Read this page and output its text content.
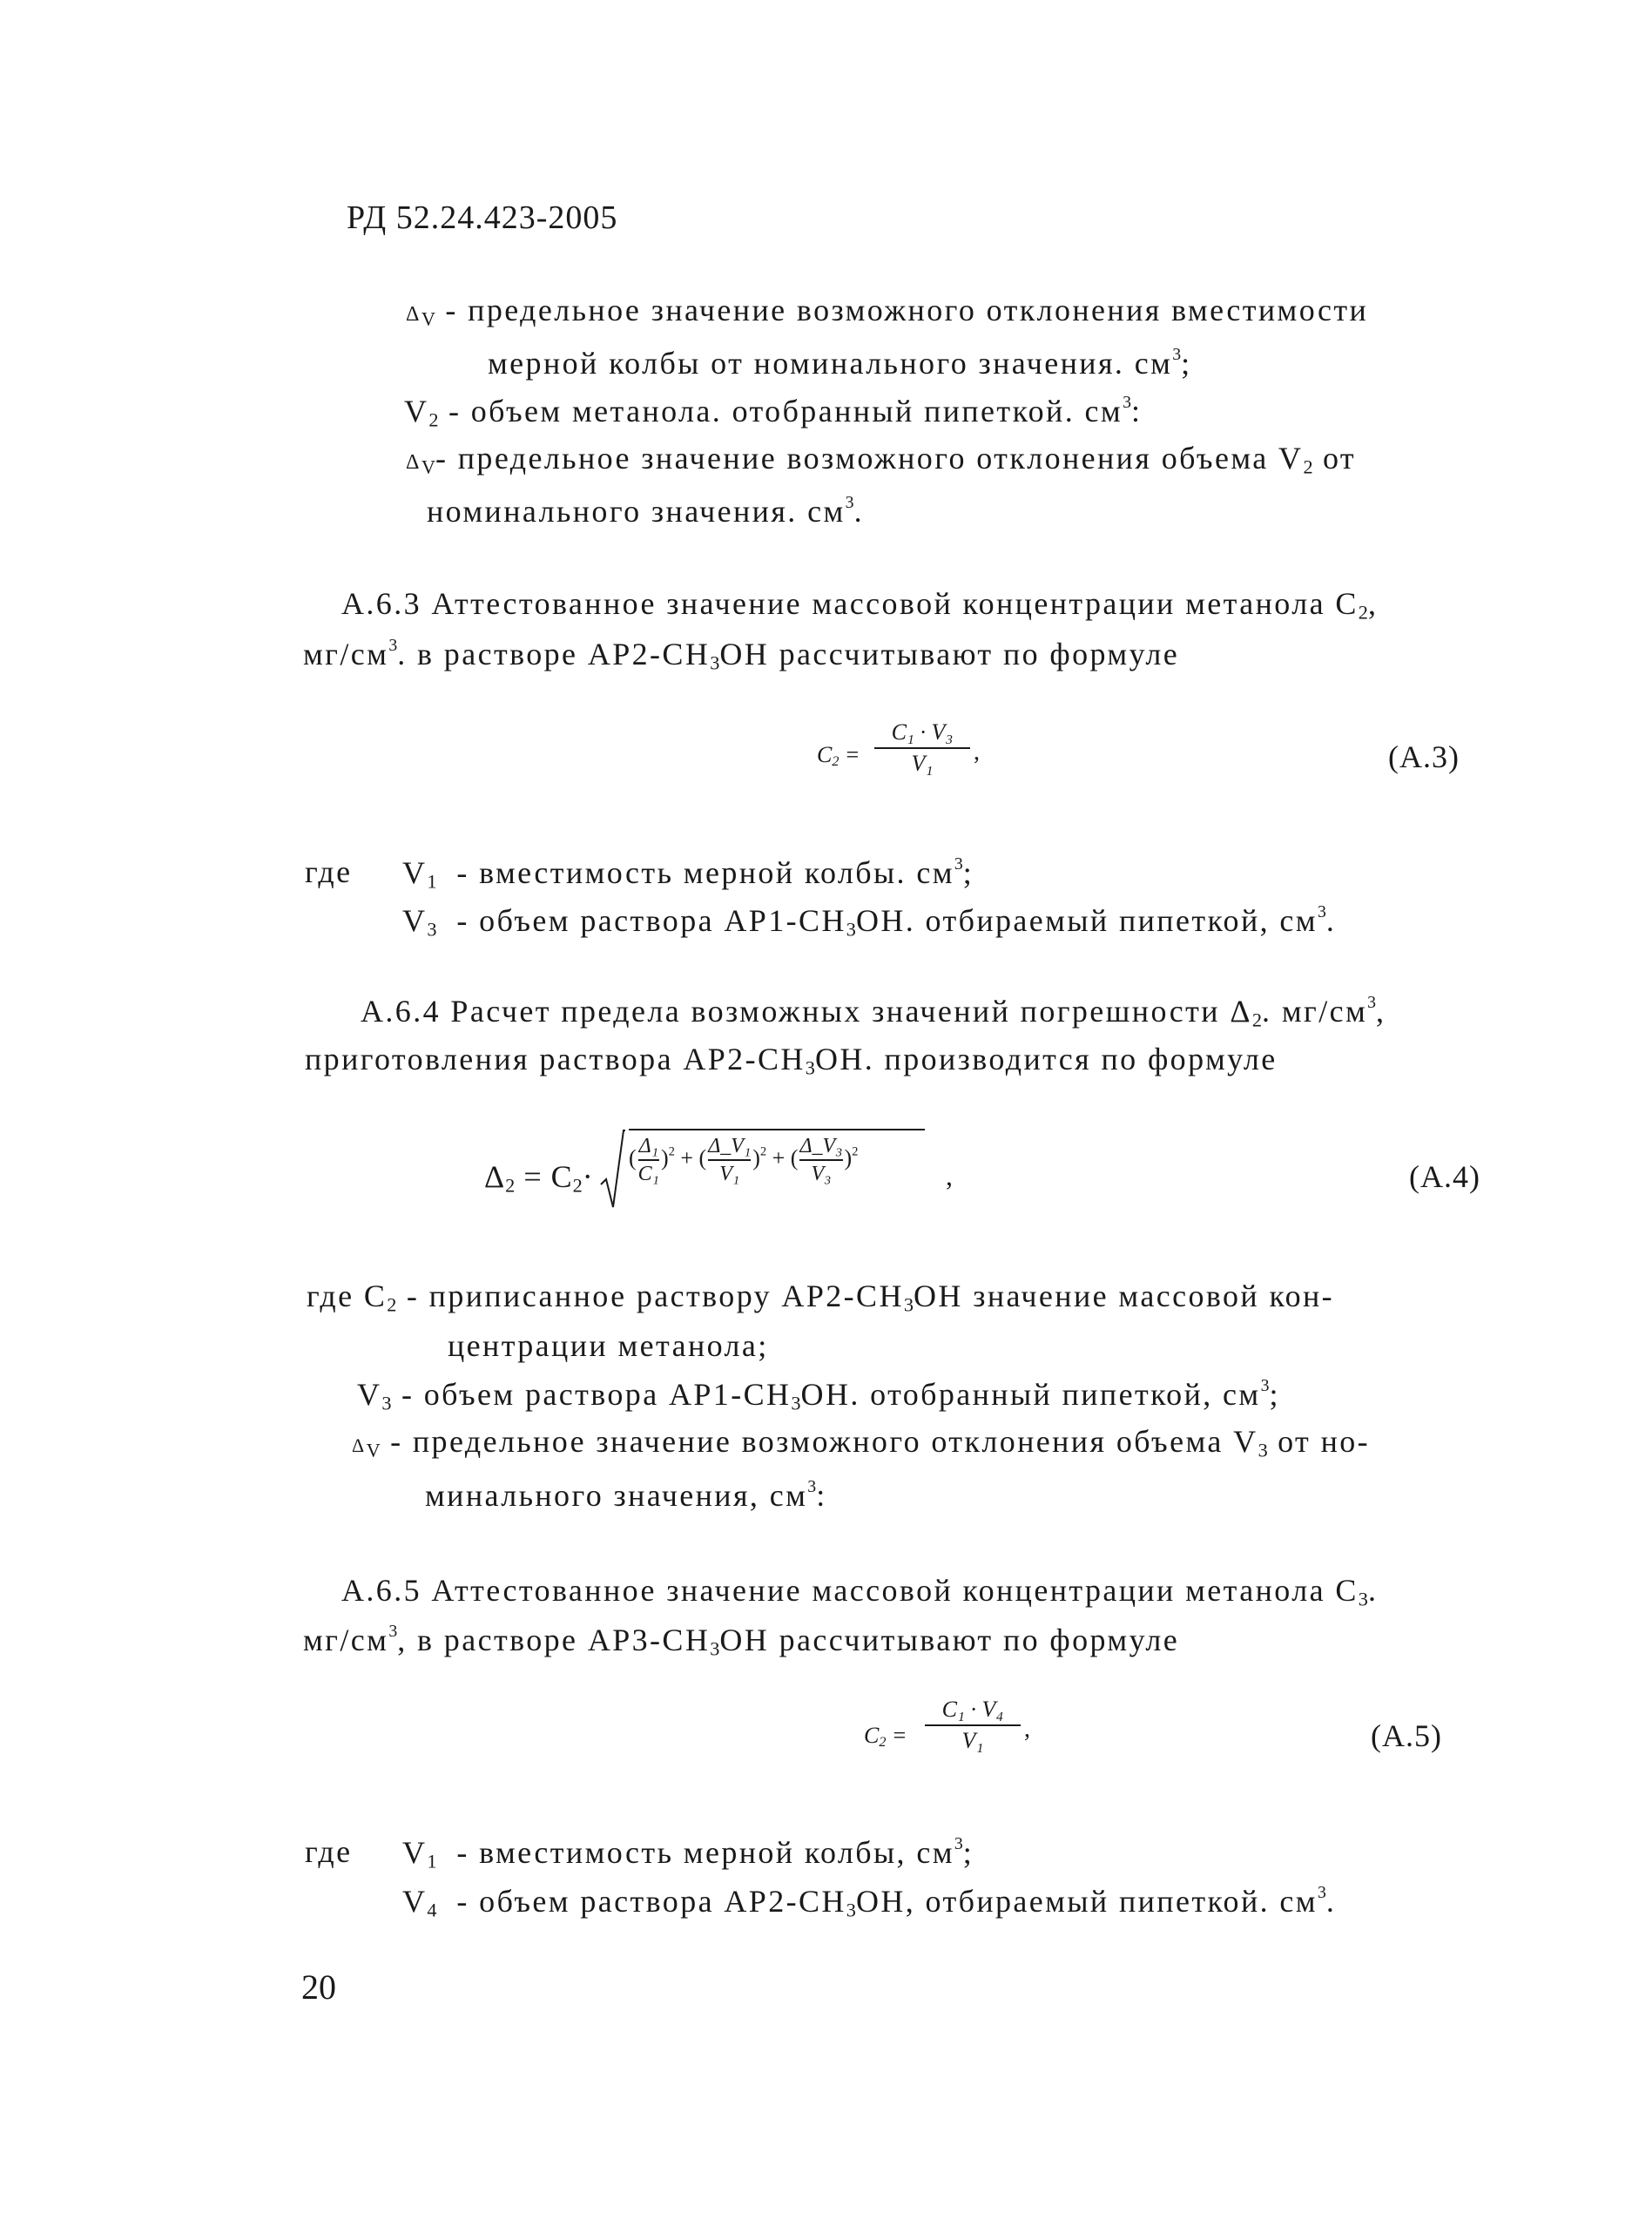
РД 52.24.423-2005
$\Delta_V$ - предельное значение возможного отклонения вместимости
мерной колбы от номинального значения. $см^3$;
$V_2$ - объем метанола. отобранный пипеткой. $см^3$:
$\Delta_V-$ предельное значение возможного отклонения объема $V_2$ от
номинального значения. $см^3$.
А.6.3 Аттестованное значение массовой концентрации метанола $С_2$,
$мг/см^3$. в растворе $АР2-СН_3ОН$ рассчитывают по формуле
$C_2$ =
C₁ · V₃
V₁	,	(А.3)
где $V_1$ - вместимость мерной колбы. $см^3$;
$V_3$ - объем раствора $АР1-СН_3ОН$. отбираемый пипеткой, $см^3$.
А.6.4 Расчет предела возможных значений погрешности $\Delta_2$. $мг/см^3$,
приготовления раствора $АР2-СН_3ОН$. производится по формуле
$\Delta_2 = C_2\cdot$
( $\frac{\text{Δ₁}}{\text{C₁}} )^2$ + ( $\frac{\text{Δ\_V₁}}{\text{V₁}} )^2$ + ( $\frac{\text{Δ\_V₃}}{\text{V₃}} )^2$
,	(А.4)
где $С_2$ - приписанное раствору $АР2-СН_3ОН$ значение массовой кон-
центрации метанола;
$V_3$ - объем раствора $АР1-СН_3ОН$. отобранный пипеткой, $см^3$;
$\Delta_V$ - предельное значение возможного отклонения объема $V_3$ от но-
минального значения, $см^3$:
А.6.5 Аттестованное значение массовой концентрации метанола $С_3$.
$мг/см^3$, в растворе $АР3-СН_3ОН$ рассчитывают по формуле
$C_2$ =
C₁ · V₄
V₁	,	(А.5)
где $V_1$ - вместимость мерной колбы, $см^3$;
$V_4$ - объем раствора $АР2-СН_3ОН$, отбираемый пипеткой. $см^3$.
20
